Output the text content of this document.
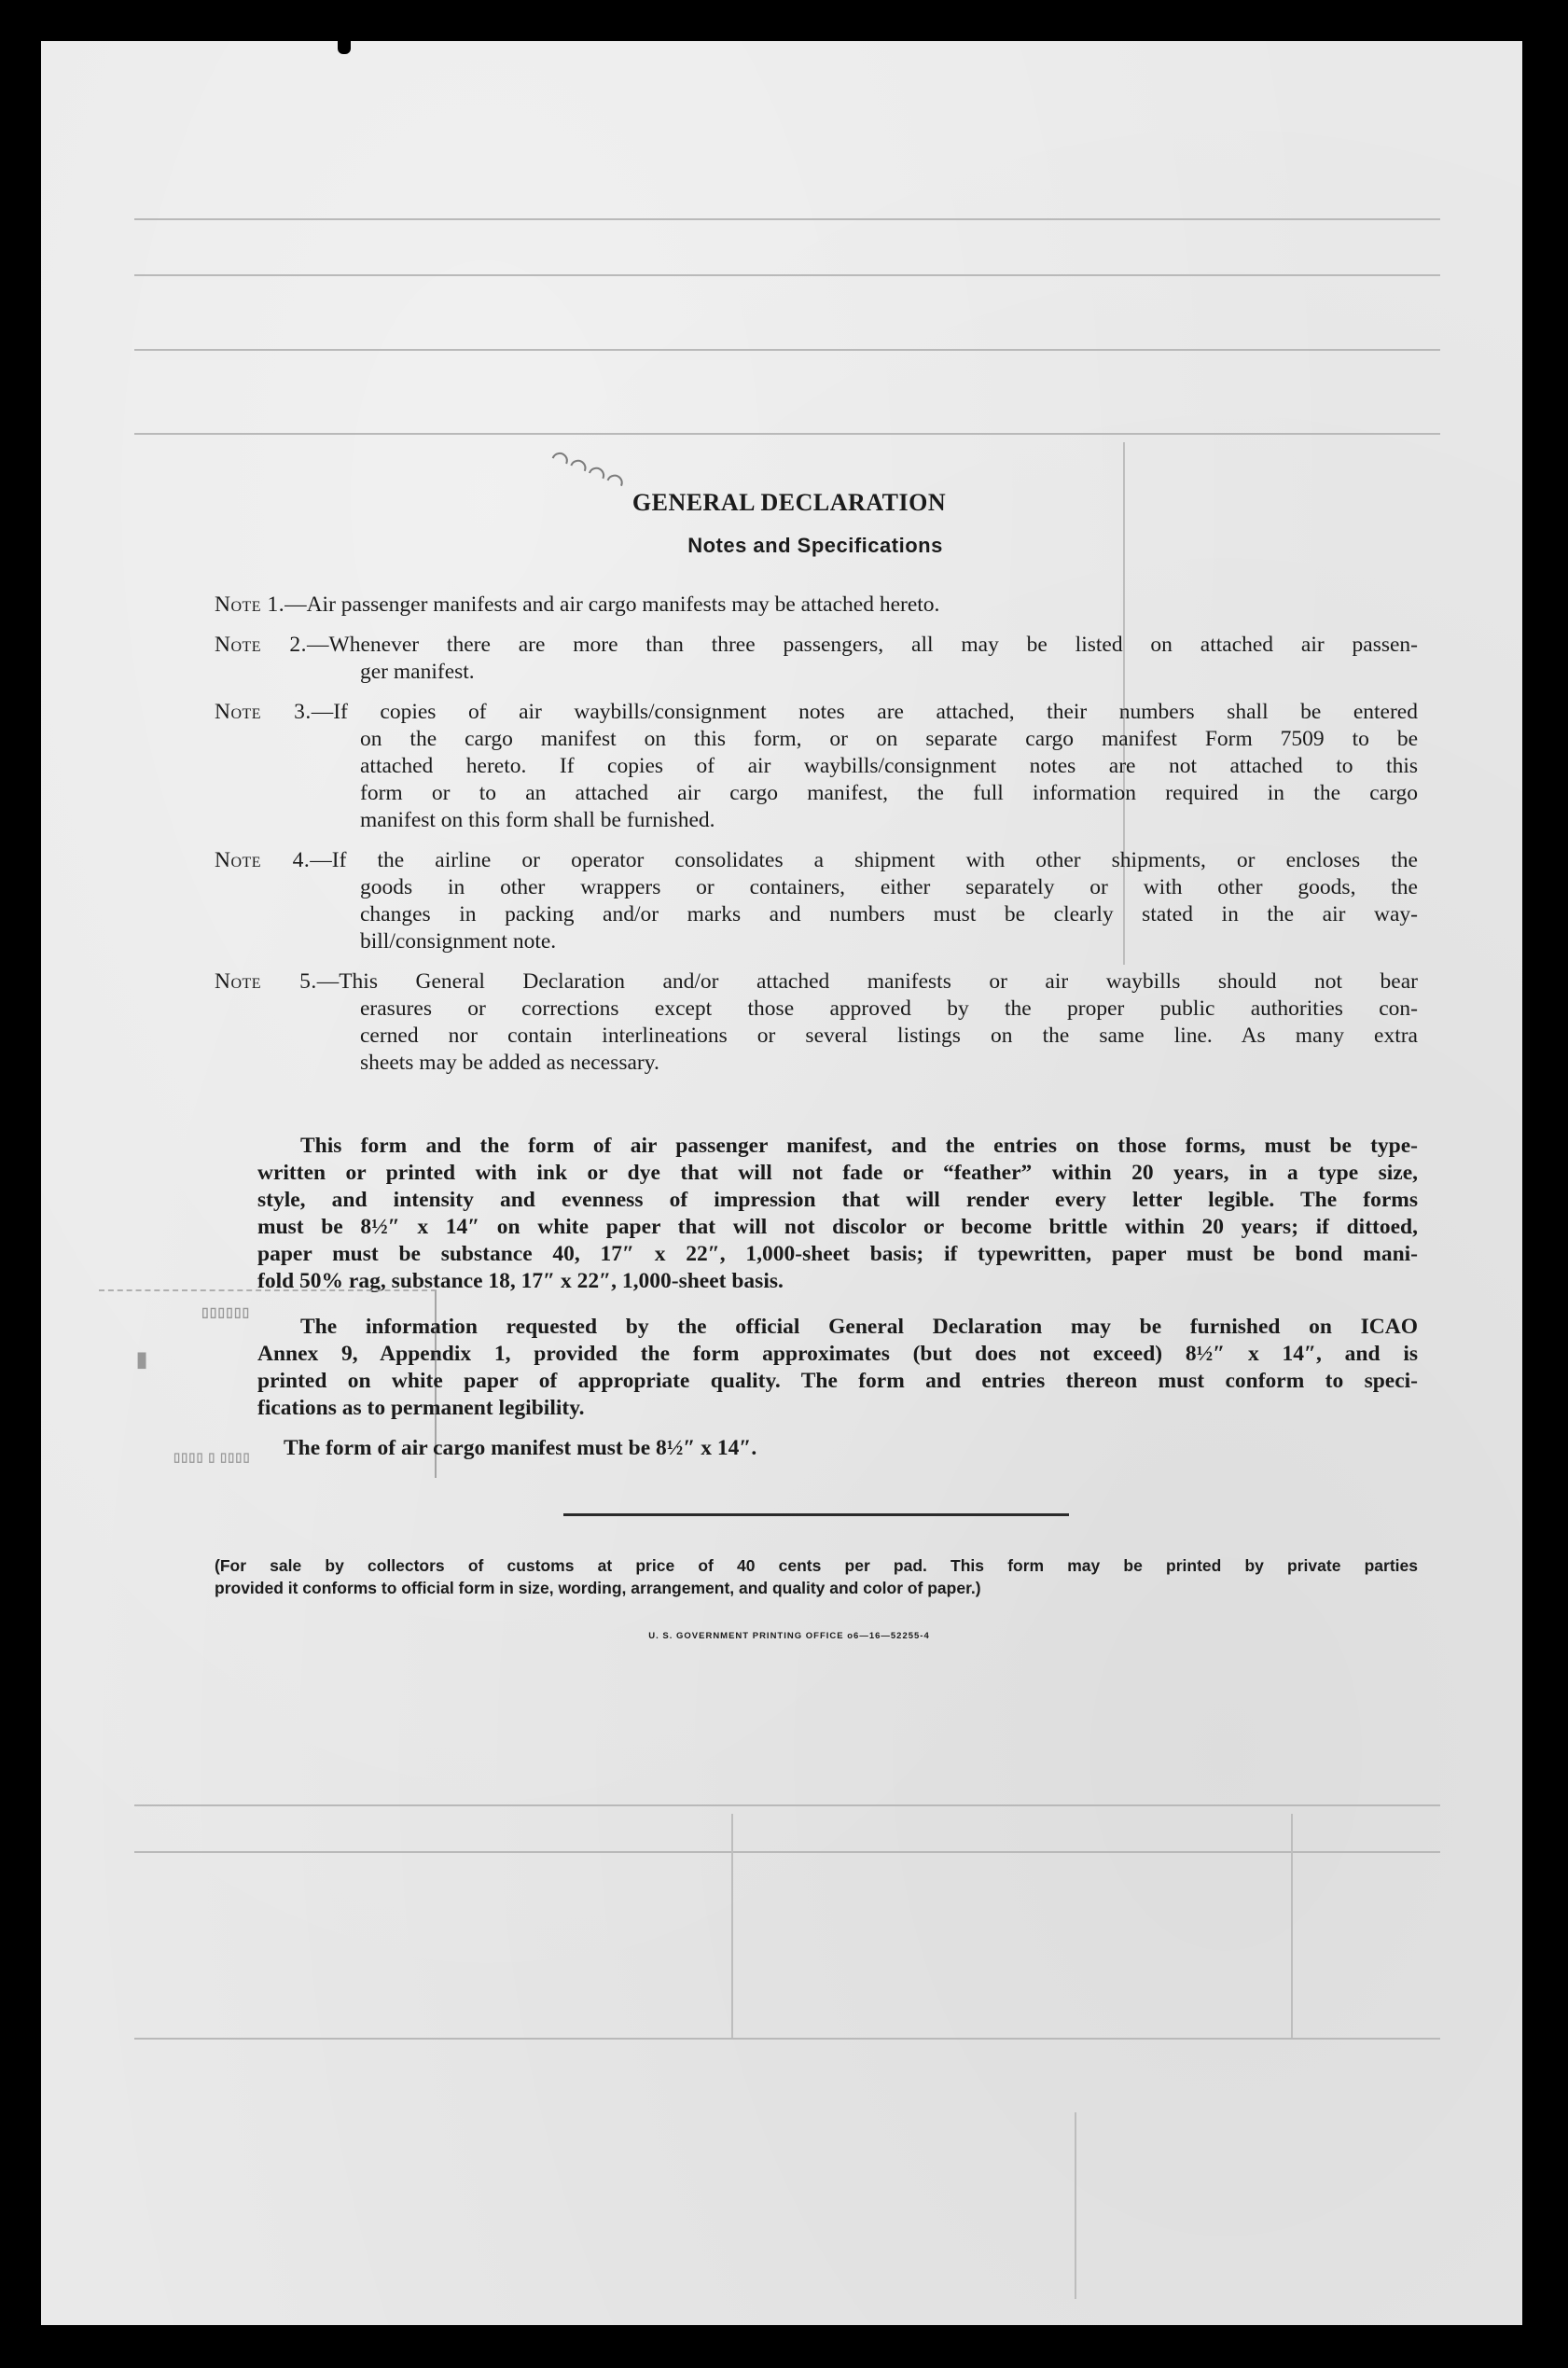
◠◠◠◠
GENERAL DECLARATION
Notes and Specifications
Note 1.—Air passenger manifests and air cargo manifests may be attached hereto.
Note 2.—Whenever there are more than three passengers, all may be listed on attached air passen-
ger manifest.
Note 3.—If copies of air waybills/consignment notes are attached, their numbers shall be entered
on the cargo manifest on this form, or on separate cargo manifest Form 7509 to be
attached hereto. If copies of air waybills/consignment notes are not attached to this
form or to an attached air cargo manifest, the full information required in the cargo
manifest on this form shall be furnished.
Note 4.—If the airline or operator consolidates a shipment with other shipments, or encloses the
goods in other wrappers or containers, either separately or with other goods, the
changes in packing and/or marks and numbers must be clearly stated in the air way-
bill/consignment note.
Note 5.—This General Declaration and/or attached manifests or air waybills should not bear
erasures or corrections except those approved by the proper public authorities con-
cerned nor contain interlineations or several listings on the same line. As many extra
sheets may be added as necessary.
This form and the form of air passenger manifest, and the entries on those forms, must be type-
written or printed with ink or dye that will not fade or “feather” within 20 years, in a type size,
style, and intensity and evenness of impression that will render every letter legible. The forms
must be 8½″ x 14″ on white paper that will not discolor or become brittle within 20 years; if dittoed,
paper must be substance 40, 17″ x 22″, 1,000-sheet basis; if typewritten, paper must be bond mani-
fold 50% rag, substance 18, 17″ x 22″, 1,000-sheet basis.
▯▯▯▯▯▯
▮
▯▯▯▯ ▯ ▯▯▯▯
The information requested by the official General Declaration may be furnished on ICAO
Annex 9, Appendix 1, provided the form approximates (but does not exceed) 8½″ x 14″, and is
printed on white paper of appropriate quality. The form and entries thereon must conform to speci-
fications as to permanent legibility.
The form of air cargo manifest must be 8½″ x 14″.
(For sale by collectors of customs at price of 40 cents per pad. This form may be printed by private parties
provided it conforms to official form in size, wording, arrangement, and quality and color of paper.)
U. S. GOVERNMENT PRINTING OFFICE o6—16—52255-4
